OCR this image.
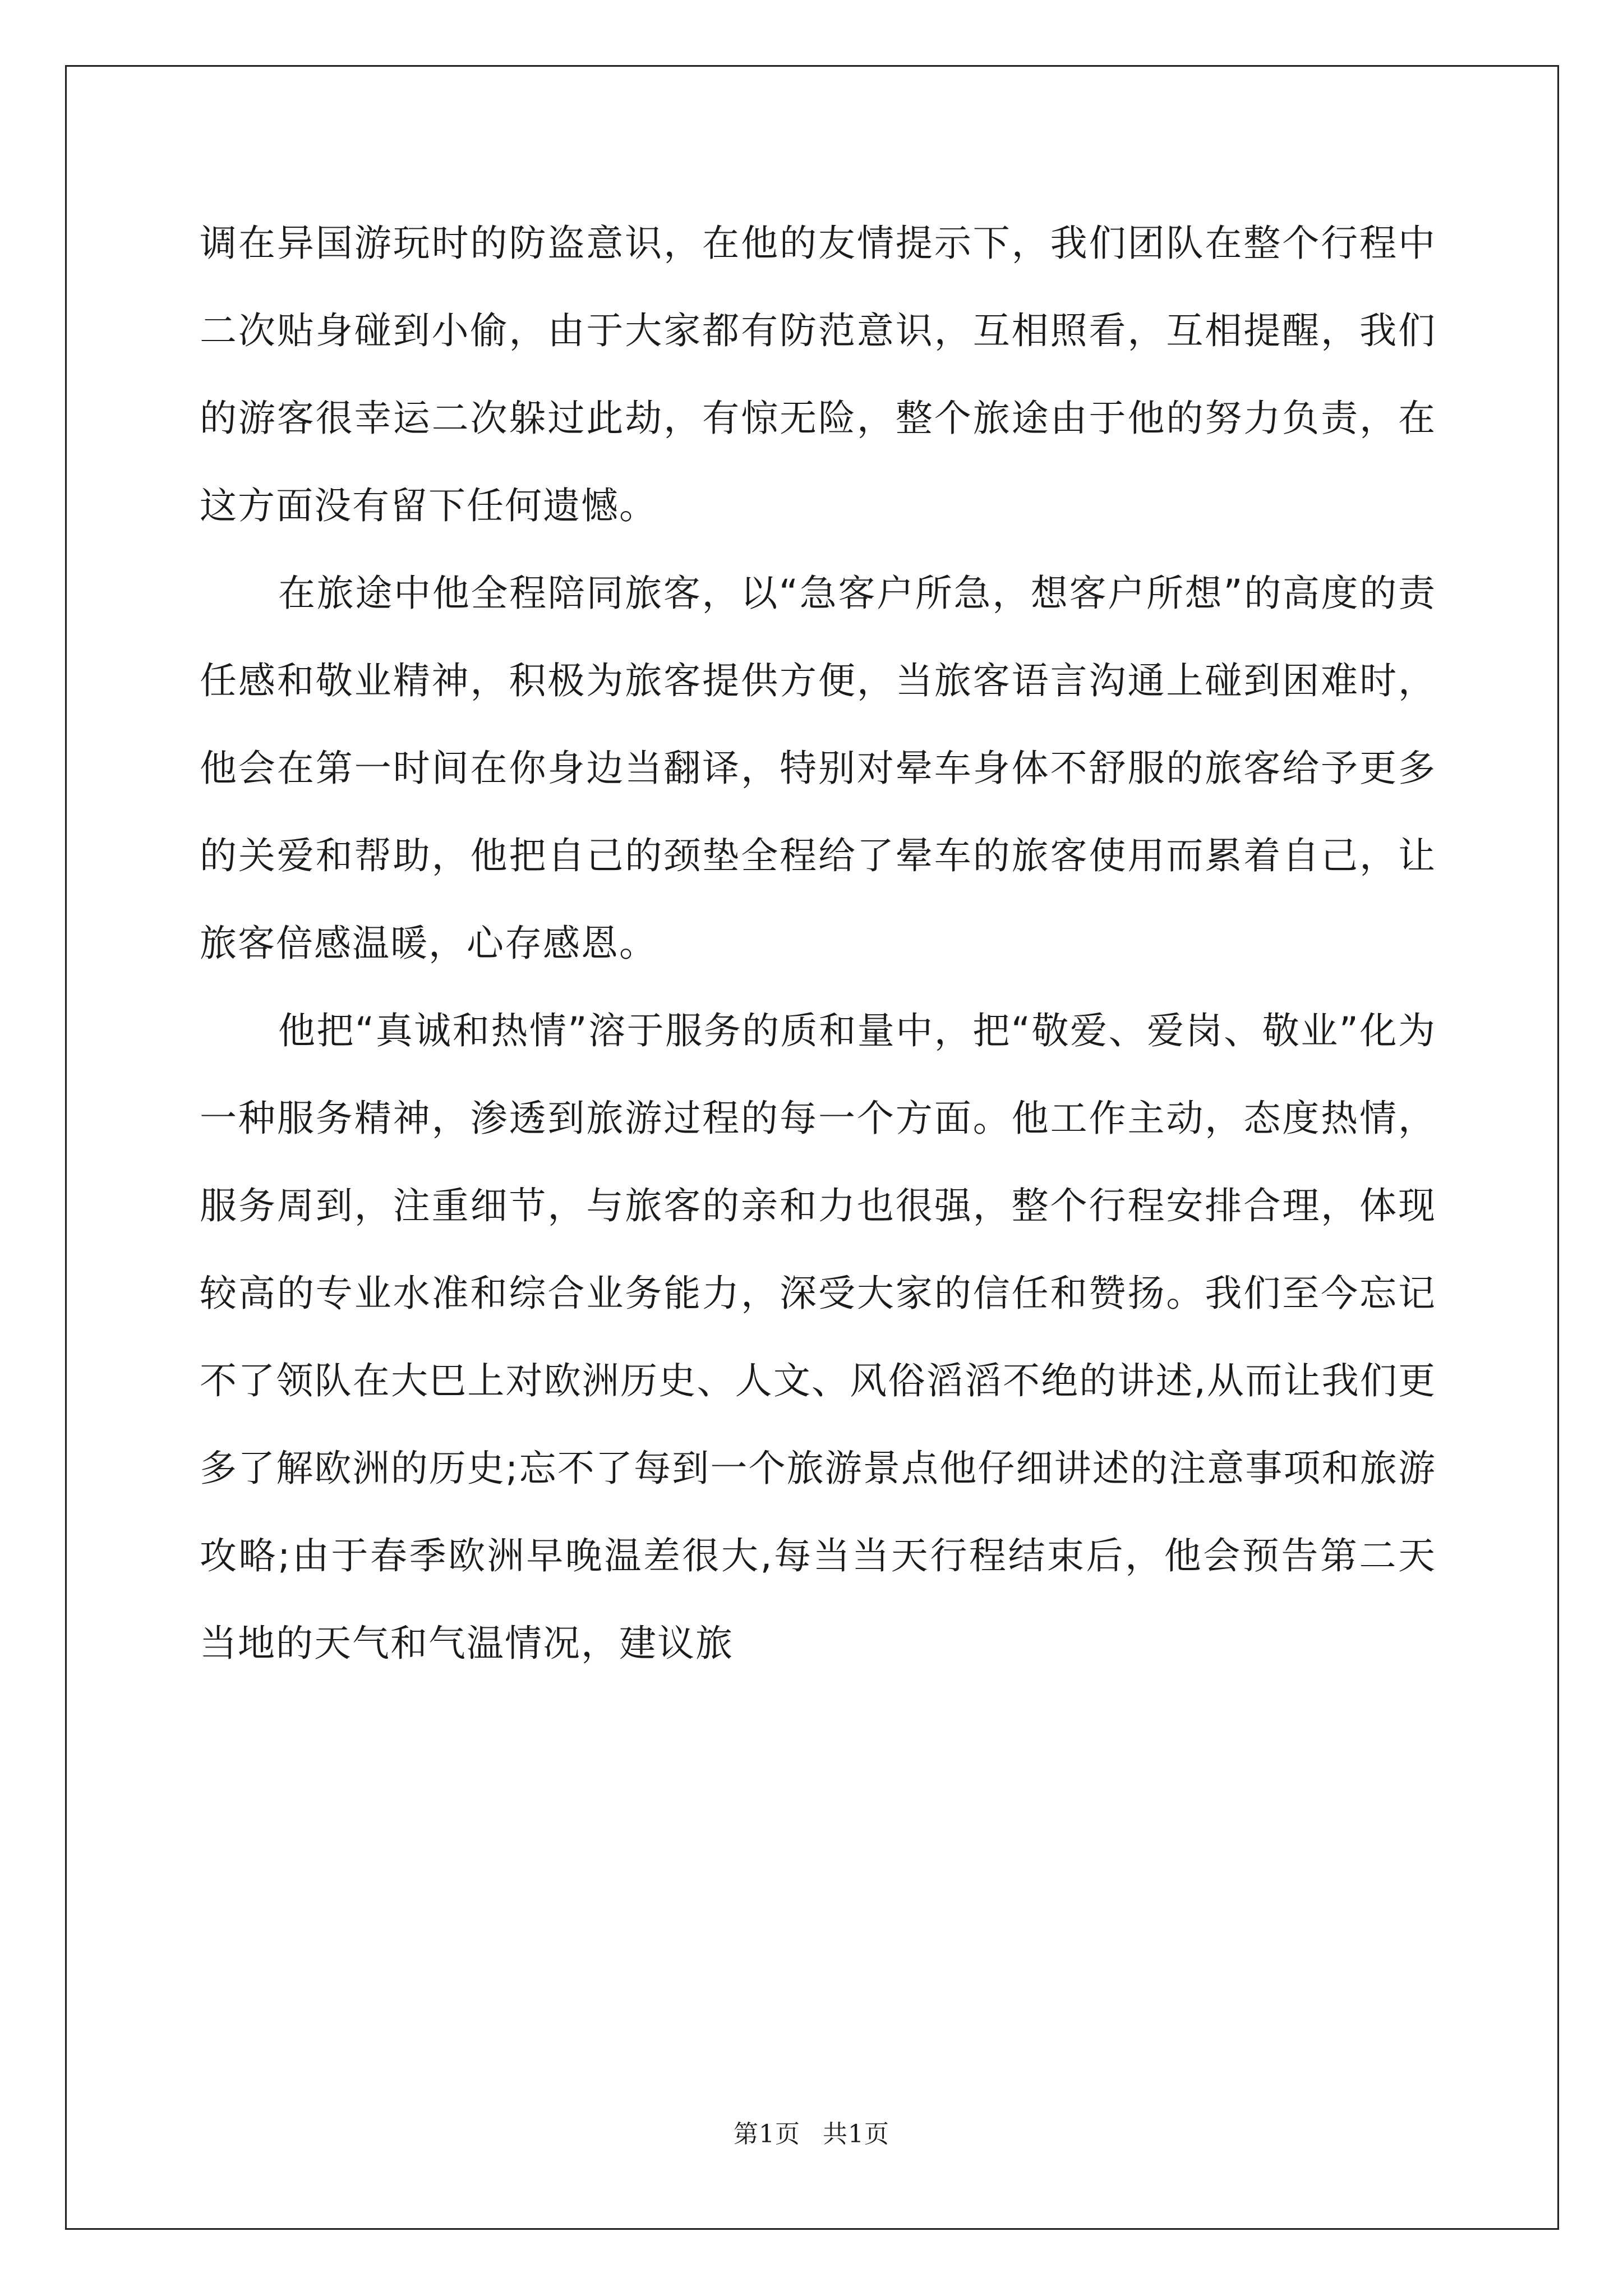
调在异国游玩时的防盗意识，在他的友情提示下，我们团队在整个行程中二次贴身碰到小偷，由于大家都有防范意识，互相照看，互相提醒，我们的游客很幸运二次躲过此劫，有惊无险，整个旅途由于他的努力负责，在这方面没有留下任何遗憾。

在旅途中他全程陪同旅客，以“急客户所急，想客户所想”的高度的责任感和敬业精神，积极为旅客提供方便，当旅客语言沟通上碰到困难时，他会在第一时间在你身边当翻译，特别对晕车身体不舒服的旅客给予更多的关爱和帮助，他把自己的颈垫全程给了晕车的旅客使用而累着自己，让旅客倍感温暖，心存感恩。

他把“真诚和热情”溶于服务的质和量中，把“敬爱、爱岗、敬业”化为一种服务精神，渗透到旅游过程的每一个方面。他工作主动，态度热情，服务周到，注重细节，与旅客的亲和力也很强，整个行程安排合理，体现较高的专业水准和综合业务能力，深受大家的信任和赞扬。我们至今忘记不了领队在大巴上对欧洲历史、人文、风俗滔滔不绝的讲述,从而让我们更多了解欧洲的历史;忘不了每到一个旅游景点他仔细讲述的注意事项和旅游攻略;由于春季欧洲早晚温差很大,每当当天行程结束后，他会预告第二天当地的天气和气温情况，建议旅

第1页 共1页
